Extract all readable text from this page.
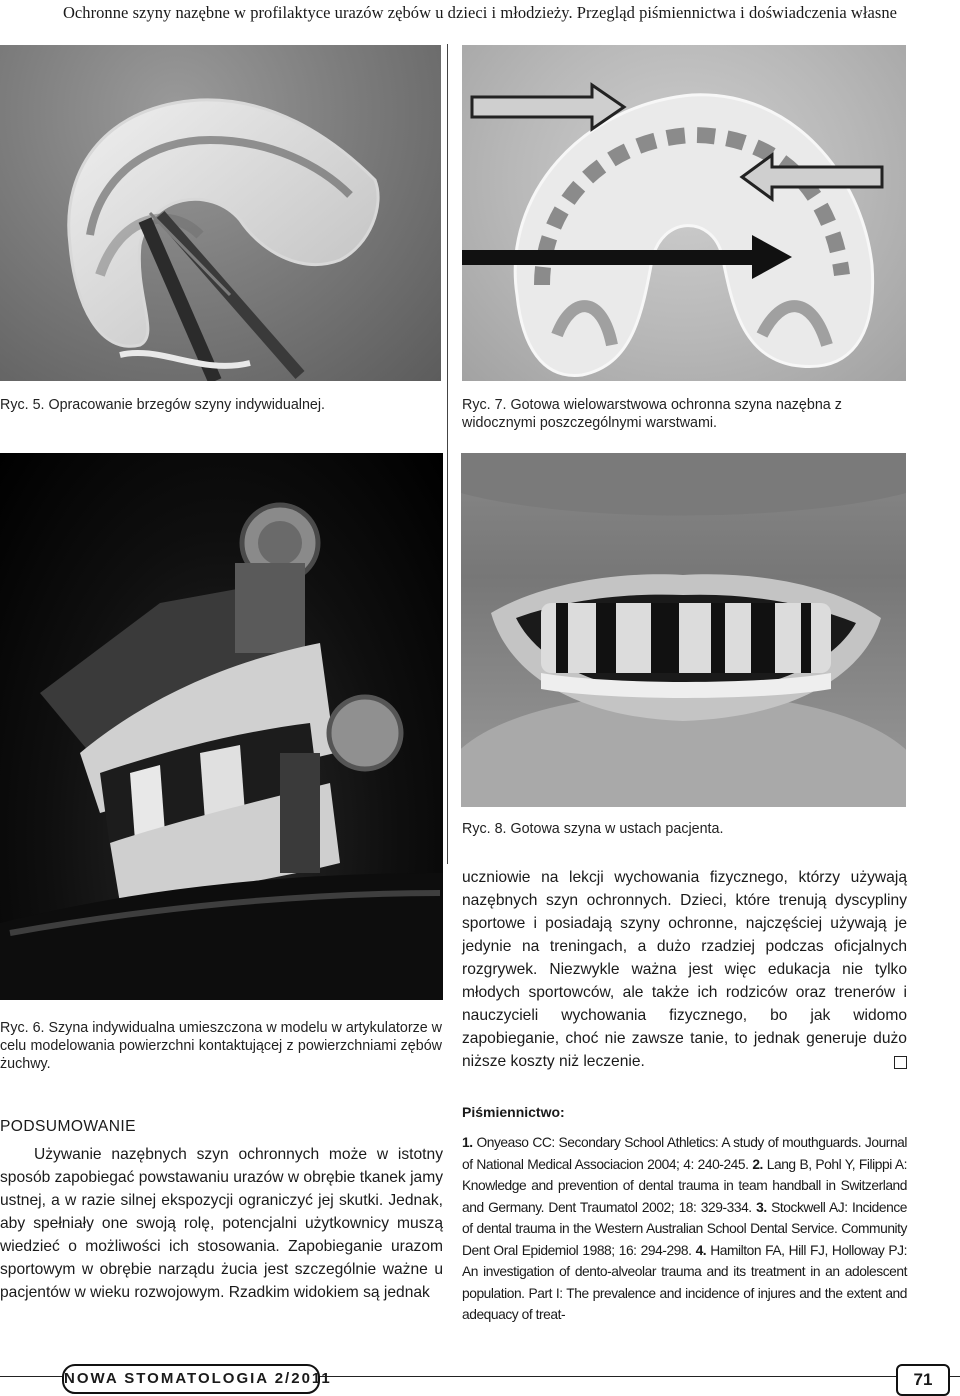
Ochronne szyny nazębne w profilaktyce urazów zębów u dzieci i młodzieży. Przegląd piśmiennictwa i doświadczenia własne
Ryc. 5. Opracowanie brzegów szyny indywidualnej.	Ryc. 7. Gotowa wielowarstwowa ochronna szyna nazębna z widocznymi poszczególnymi warstwami.
Ryc. 6. Szyna indywidualna umieszczona w modelu w artykulatorze w celu modelowania powierzchni kontaktującej z powierzchniami zębów żuchwy.
Ryc. 8. Gotowa szyna w ustach pacjenta.
PODSUMOWANIE
Używanie nazębnych szyn ochronnych może w istotny sposób zapobiegać powstawaniu urazów w obrębie tkanek jamy ustnej, a w razie silnej ekspozycji ograniczyć jej skutki. Jednak, aby spełniały one swoją rolę, potencjalni użytkownicy muszą wiedzieć o możliwości ich stosowania. Zapobieganie urazom sportowym w obrębie narządu żucia jest szczególnie ważne u pacjentów w wieku rozwojowym. Rzadkim widokiem są jednak
uczniowie na lekcji wychowania fizycznego, którzy używają nazębnych szyn ochronnych. Dzieci, które trenują dyscypliny sportowe i posiadają szyny ochronne, najczęściej używają je jedynie na treningach, a dużo rzadziej podczas oficjalnych rozgrywek. Niezwykle ważna jest więc edukacja nie tylko młodych sportowców, ale także ich rodziców oraz trenerów i nauczycieli wychowania fizycznego, bo jak widomo zapobieganie, choć nie zawsze tanie, to jednak generuje dużo niższe koszty niż leczenie.
Piśmiennictwo:
1. Onyeaso CC: Secondary School Athletics: A study of mouthguards. Journal of National Medical Associacion 2004; 4: 240-245. 2. Lang B, Pohl Y, Filippi A: Knowledge and prevention of dental trauma in team handball in Switzerland and Germany. Dent Traumatol 2002; 18: 329-334. 3. Stockwell AJ: Incidence of dental trauma in the Western Australian School Dental Service. Community Dent Oral Epidemiol 1988; 16: 294-298. 4. Hamilton FA, Hill FJ, Holloway PJ: An investigation of dento-alveolar trauma and its treatment in an adolescent population. Part I: The prevalence and incidence of injures and the extent and adequacy of treat-
NOWA STOMATOLOGIA 2/2011	71
